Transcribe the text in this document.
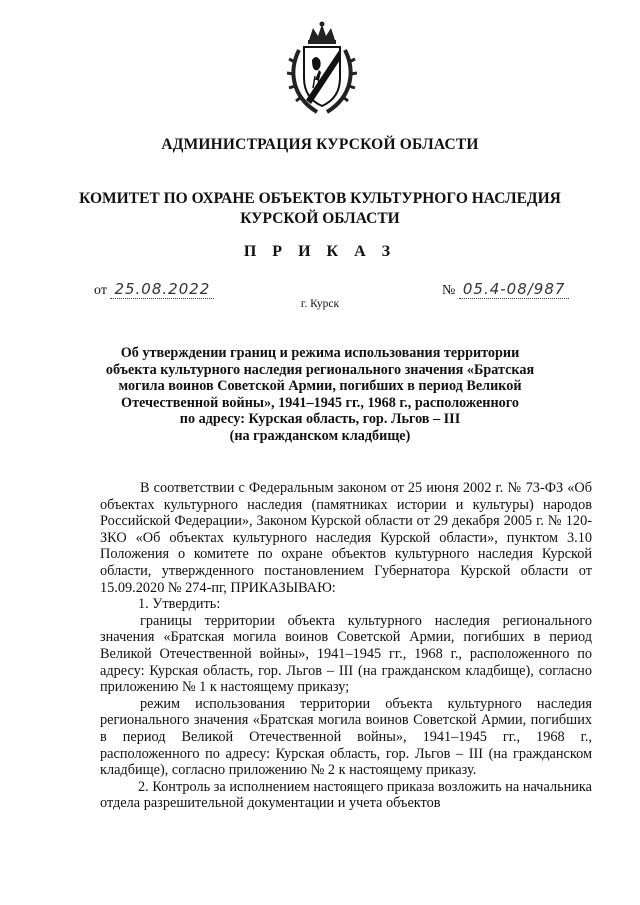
АДМИНИСТРАЦИЯ КУРСКОЙ ОБЛАСТИ
КОМИТЕТ ПО ОХРАНЕ ОБЪЕКТОВ КУЛЬТУРНОГО НАСЛЕДИЯ
КУРСКОЙ ОБЛАСТИ
П Р И К А З
от 25.08.2022	№ 05.4-08/987
г. Курск
Об утверждении границ и режима использования территории
объекта культурного наследия регионального значения «Братская
могила воинов Советской Армии, погибших в период Великой
Отечественной войны», 1941–1945 гг., 1968 г., расположенного
по адресу: Курская область, гор. Льгов – III
(на гражданском кладбище)

В соответствии с Федеральным законом от 25 июня 2002 г. № 73-ФЗ «Об объектах культурного наследия (памятниках истории и культуры) народов Российской Федерации», Законом Курской области от 29 декабря 2005 г. № 120-ЗКО «Об объектах культурного наследия Курской области», пунктом 3.10 Положения о комитете по охране объектов культурного наследия Курской области, утвержденного постановлением Губернатора Курской области от 15.09.2020 № 274-пг, ПРИКАЗЫВАЮ:

1. Утвердить:

границы территории объекта культурного наследия регионального значения «Братская могила воинов Советской Армии, погибших в период Великой Отечественной войны», 1941–1945 гг., 1968 г., расположенного по адресу: Курская область, гор. Льгов – III (на гражданском кладбище), согласно приложению № 1 к настоящему приказу;

режим использования территории объекта культурного наследия регионального значения «Братская могила воинов Советской Армии, погибших в период Великой Отечественной войны», 1941–1945 гг., 1968 г., расположенного по адресу: Курская область, гор. Льгов – III (на гражданском кладбище), согласно приложению № 2 к настоящему приказу.

2. Контроль за исполнением настоящего приказа возложить на начальника отдела разрешительной документации и учета объектов
